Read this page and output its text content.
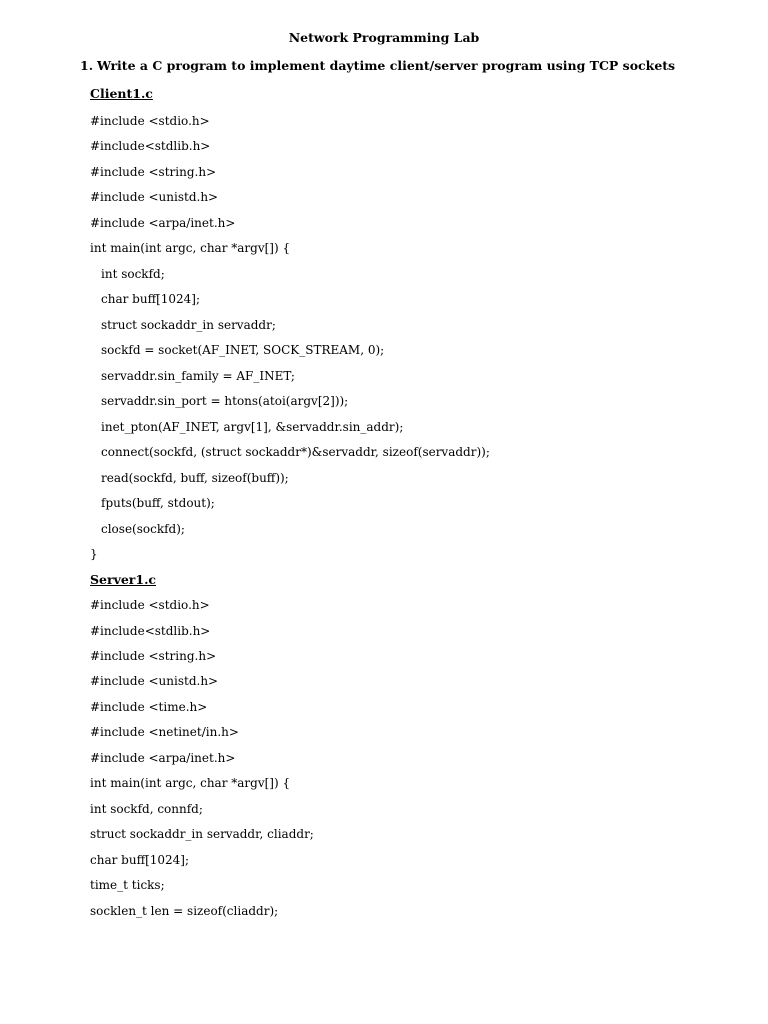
Network Programming Lab
1. Write a C program to implement daytime client/server program using TCP sockets
Client1.c
#include <stdio.h>
#include<stdlib.h>
#include <string.h>
#include <unistd.h>
#include <arpa/inet.h>
int main(int argc, char *argv[]) {
int sockfd;
char buff[1024];
struct sockaddr_in servaddr;
sockfd = socket(AF_INET, SOCK_STREAM, 0);
servaddr.sin_family = AF_INET;
servaddr.sin_port = htons(atoi(argv[2]));
inet_pton(AF_INET, argv[1], &servaddr.sin_addr);
connect(sockfd, (struct sockaddr*)&servaddr, sizeof(servaddr));
read(sockfd, buff, sizeof(buff));
fputs(buff, stdout);
close(sockfd);
}
Server1.c
#include <stdio.h>
#include<stdlib.h>
#include <string.h>
#include <unistd.h>
#include <time.h>
#include <netinet/in.h>
#include <arpa/inet.h>
int main(int argc, char *argv[]) {
int sockfd, connfd;
struct sockaddr_in servaddr, cliaddr;
char buff[1024];
time_t ticks;
socklen_t len = sizeof(cliaddr);
